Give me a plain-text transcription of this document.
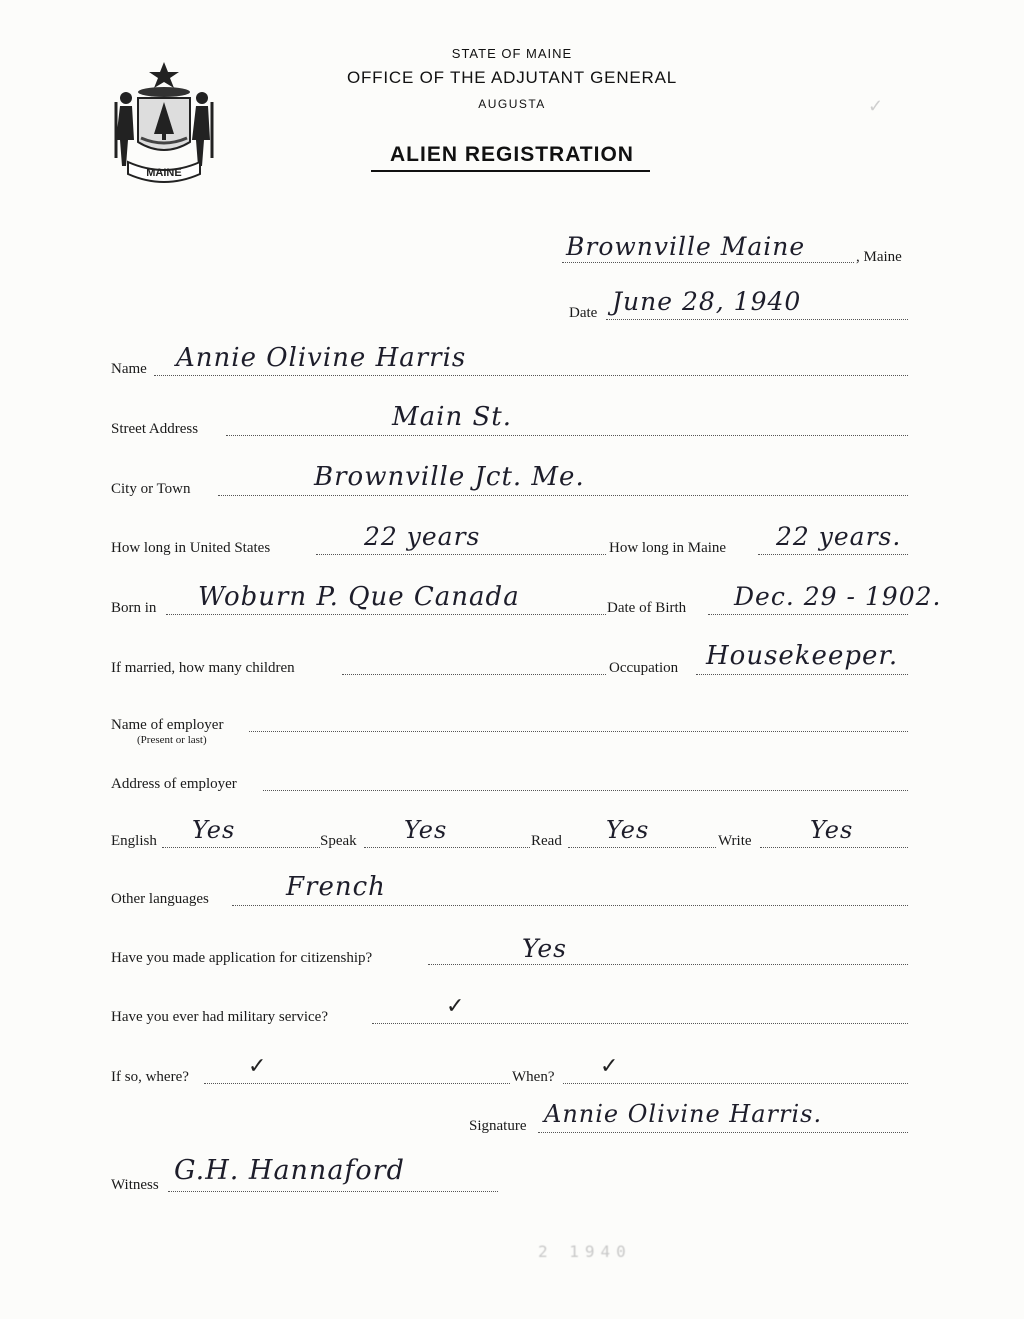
MAINE
STATE OF MAINE
OFFICE OF THE ADJUTANT GENERAL
AUGUSTA
ALIEN REGISTRATION
✓
Brownville Maine	, Maine
Date June 28, 1940
Name Annie Olivine Harris
Street Address	Main St.
City or Town	Brownville Jct. Me.
How long in United States	22 years	How long in Maine 22 years.
Born in Woburn P. Que Canada	Date of Birth Dec. 29 - 1902.
If married, how many children	Occupation Housekeeper.
Name of employer
(Present or last)
Address of employer
English Yes	Speak Yes	Read Yes	Write Yes
Other languages	French
Have you made application for citizenship?	Yes
Have you ever had military service?	✓
If so, where?	✓	When? ✓
Signature Annie Olivine Harris.
Witness G.H. Hannaford
2 1940
